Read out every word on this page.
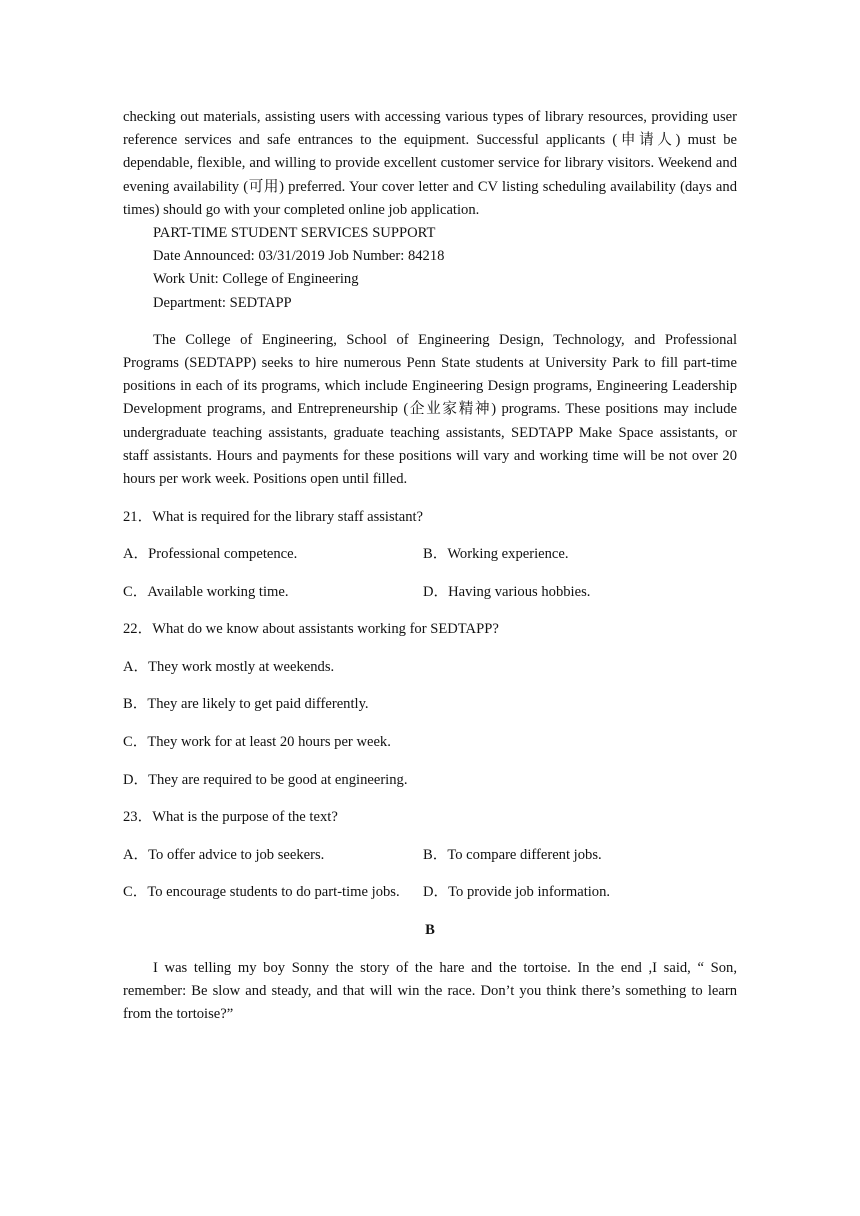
checking out materials, assisting users with accessing various types of library resources, providing user reference services and safe entrances to the equipment. Successful applicants (申请人) must be dependable, flexible, and willing to provide excellent customer service for library visitors. Weekend and evening availability (可用) preferred. Your cover letter and CV listing scheduling availability (days and times) should go with your completed online job application.

PART-TIME STUDENT SERVICES SUPPORT

Date Announced: 03/31/2019 Job Number: 84218

Work Unit: College of Engineering

Department: SEDTAPP

The College of Engineering, School of Engineering Design, Technology, and Professional Programs (SEDTAPP) seeks to hire numerous Penn State students at University Park to fill part-time positions in each of its programs, which include Engineering Design programs, Engineering Leadership Development programs, and Entrepreneurship (企业家精神) programs. These positions may include undergraduate teaching assistants, graduate teaching assistants, SEDTAPP Make Space assistants, or staff assistants. Hours and payments for these positions will vary and working time will be not over 20 hours per work week. Positions open until filled.

21．What is required for the library staff assistant?

A．Professional competence.	B．Working experience.
C．Available working time.	D．Having various hobbies.

22．What do we know about assistants working for SEDTAPP?

A．They work mostly at weekends.

B．They are likely to get paid differently.

C．They work for at least 20 hours per week.

D．They are required to be good at engineering.

23．What is the purpose of the text?

A．To offer advice to job seekers.	B．To compare different jobs.
C．To encourage students to do part-time jobs.	D．To provide job information.

B

I was telling my boy Sonny the story of the hare and the tortoise. In the end ,I said, “ Son, remember: Be slow and steady, and that will win the race. Don’t you think there’s something to learn from the tortoise?”
